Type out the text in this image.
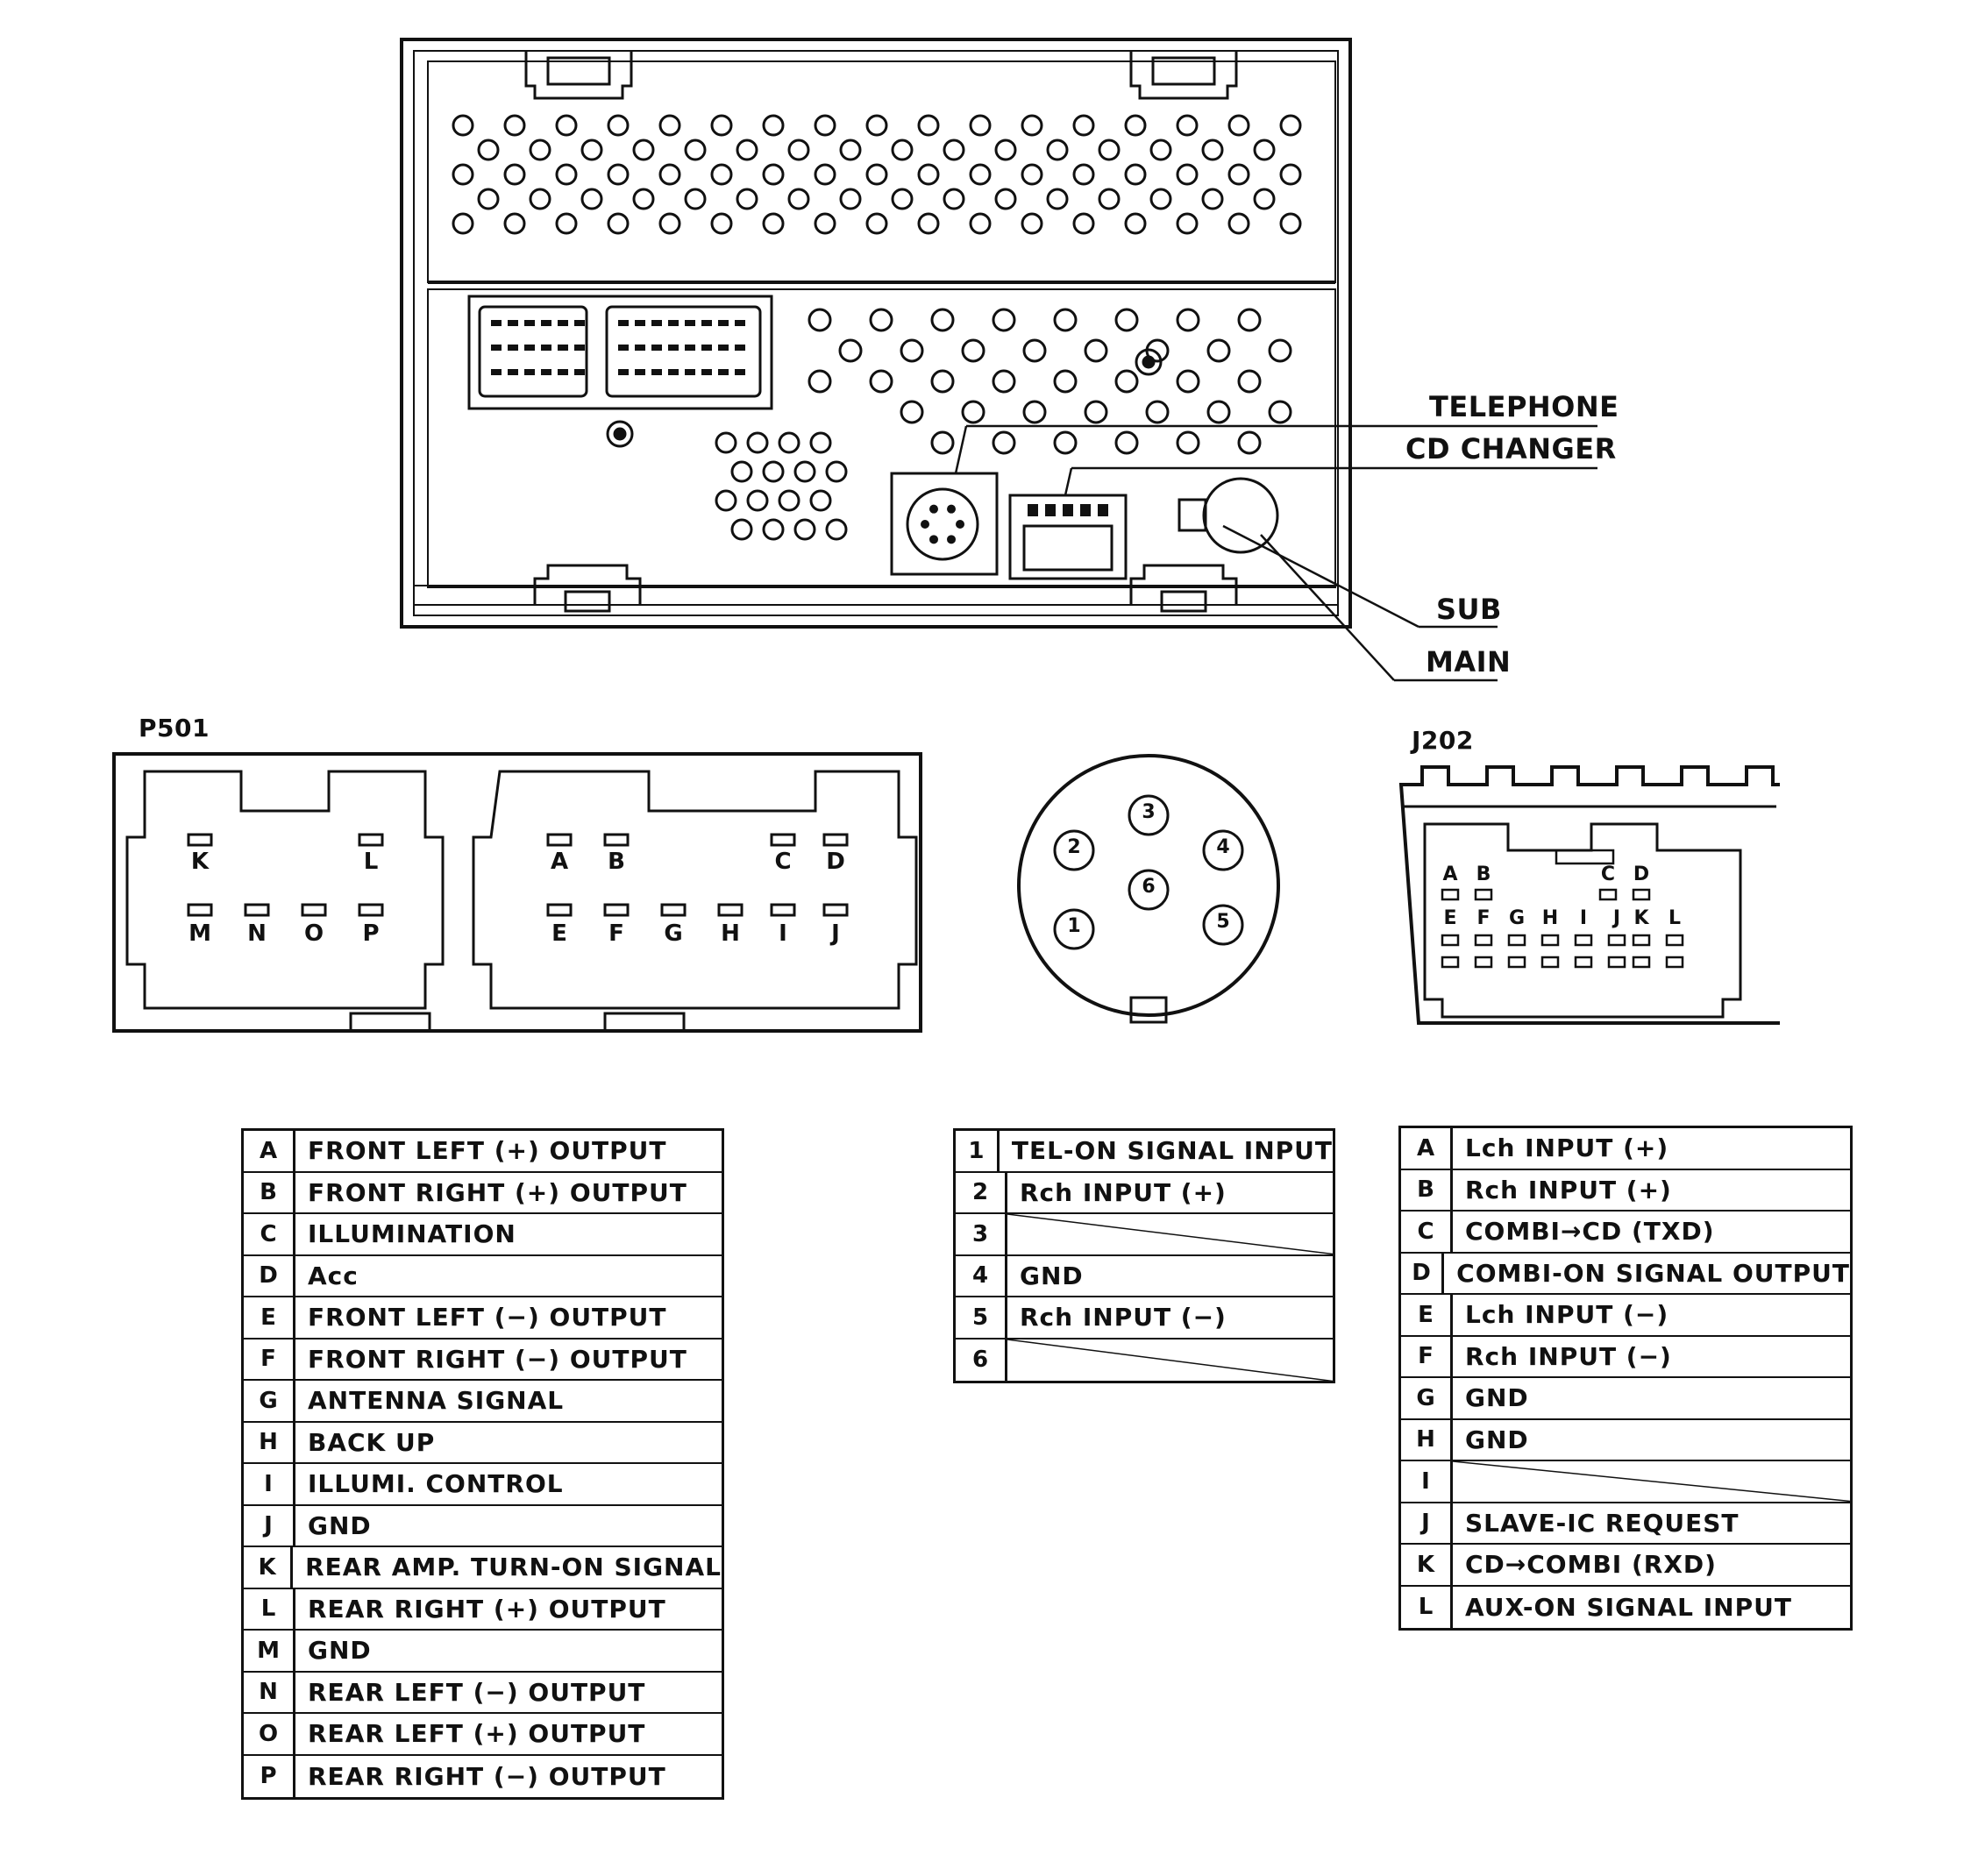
TELEPHONE
CD CHANGER
SUB
MAIN
P501
K	L
M	N	O	P
A	B	C	D
E	F	G	H	I	J	1
2
3
4
5
6
J202
A B	C D
E	F G H	I	J K	L
A	FRONT LEFT (+) OUTPUT
B	FRONT RIGHT (+) OUTPUT
C	ILLUMINATION
D	Acc
E	FRONT LEFT (−) OUTPUT
F	FRONT RIGHT (−) OUTPUT
G	ANTENNA SIGNAL
H	BACK UP
I	ILLUMI. CONTROL
J	GND
K	REAR AMP. TURN-ON SIGNAL
L	REAR RIGHT (+) OUTPUT
M	GND
N	REAR LEFT (−) OUTPUT
O	REAR LEFT (+) OUTPUT
P	REAR RIGHT (−) OUTPUT
1	TEL-ON SIGNAL INPUT
2	Rch INPUT (+)
3
4	GND
5	Rch INPUT (−)
6
A	Lch INPUT (+)
B	Rch INPUT (+)
C	COMBI→CD (TXD)
D	COMBI-ON SIGNAL OUTPUT
E	Lch INPUT (−)
F	Rch INPUT (−)
G	GND
H	GND
I
J	SLAVE-IC REQUEST
K	CD→COMBI (RXD)
L	AUX-ON SIGNAL INPUT
